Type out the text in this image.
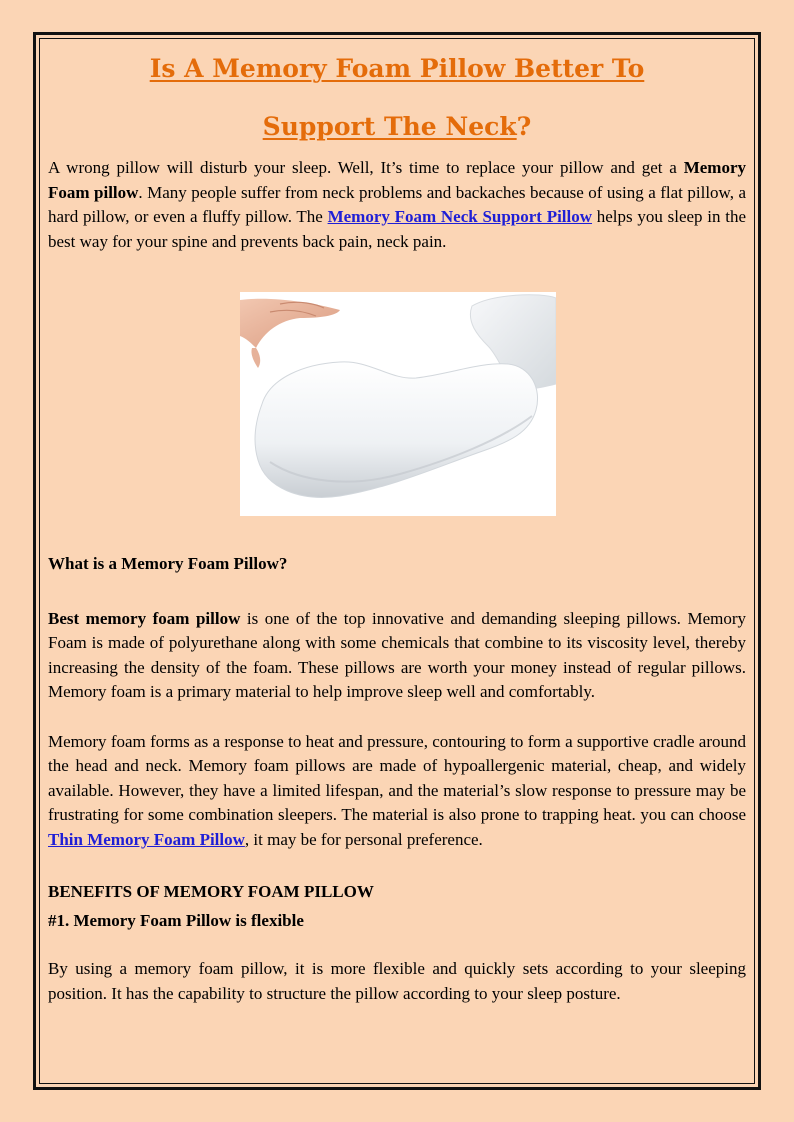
Is A Memory Foam Pillow Better To
Support The Neck?

A wrong pillow will disturb your sleep. Well, It’s time to replace your pillow and get a Memory Foam pillow. Many people suffer from neck problems and backaches because of using a flat pillow, a hard pillow, or even a fluffy pillow. The Memory Foam Neck Support Pillow helps you sleep in the best way for your spine and prevents back pain, neck pain.

What is a Memory Foam Pillow?

Best memory foam pillow is one of the top innovative and demanding sleeping pillows. Memory Foam is made of polyurethane along with some chemicals that combine to its viscosity level, thereby increasing the density of the foam. These pillows are worth your money instead of regular pillows. Memory foam is a primary material to help improve sleep well and comfortably.

Memory foam forms as a response to heat and pressure, contouring to form a supportive cradle around the head and neck. Memory foam pillows are made of hypoallergenic material, cheap, and widely available. However, they have a limited lifespan, and the material’s slow response to pressure may be frustrating for some combination sleepers. The material is also prone to trapping heat. you can choose Thin Memory Foam Pillow, it may be for personal preference.

BENEFITS OF MEMORY FOAM PILLOW

#1. Memory Foam Pillow is flexible

By using a memory foam pillow, it is more flexible and quickly sets according to your sleeping position. It has the capability to structure the pillow according to your sleep posture.
